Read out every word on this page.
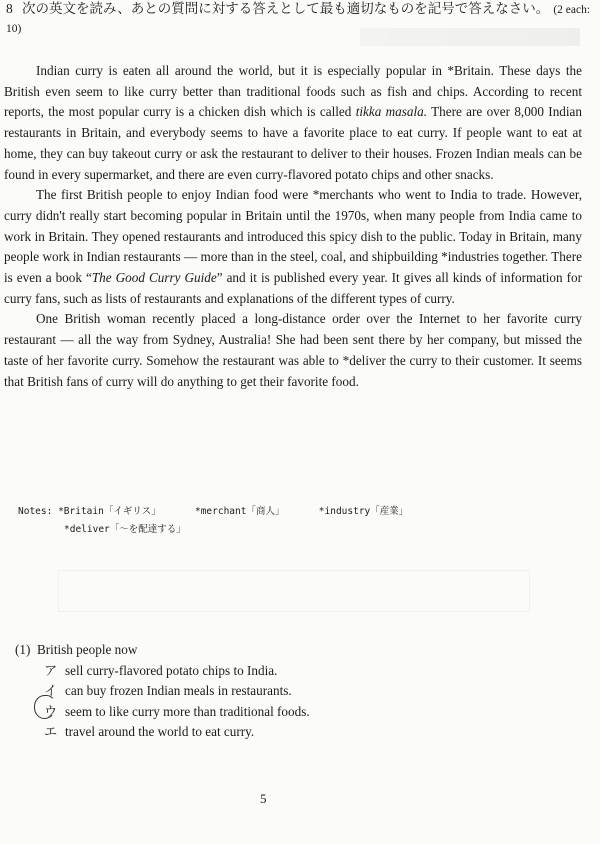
8 次の英文を読み、あとの質問に対する答えとして最も適切なものを記号で答えなさい。 (2 each: 10)

Indian curry is eaten all around the world, but it is especially popular in *Britain. These days the British even seem to like curry better than traditional foods such as fish and chips. According to recent reports, the most popular curry is a chicken dish which is called tikka masala. There are over 8,000 Indian restaurants in Britain, and everybody seems to have a favorite place to eat curry. If people want to eat at home, they can buy takeout curry or ask the restaurant to deliver to their houses. Frozen Indian meals can be found in every supermarket, and there are even curry-flavored potato chips and other snacks.

The first British people to enjoy Indian food were *merchants who went to India to trade. However, curry didn't really start becoming popular in Britain until the 1970s, when many people from India came to work in Britain. They opened restaurants and introduced this spicy dish to the public. Today in Britain, many people work in Indian restaurants — more than in the steel, coal, and shipbuilding *industries together. There is even a book “The Good Curry Guide” and it is published every year. It gives all kinds of information for curry fans, such as lists of restaurants and explanations of the different types of curry.

One British woman recently placed a long-distance order over the Internet to her favorite curry restaurant — all the way from Sydney, Australia! She had been sent there by her company, but missed the taste of her favorite curry. Somehow the restaurant was able to *deliver the curry to their customer. It seems that British fans of curry will do anything to get their favorite food.

Notes: *Britain「イギリス」	*merchant「商人」	*industry「産業」
*deliver「〜を配達する」
(1) British people now
ア sell curry-flavored potato chips to India.
イ can buy frozen Indian meals in restaurants.
ウ seem to like curry more than traditional foods.
エ travel around the world to eat curry.
5
